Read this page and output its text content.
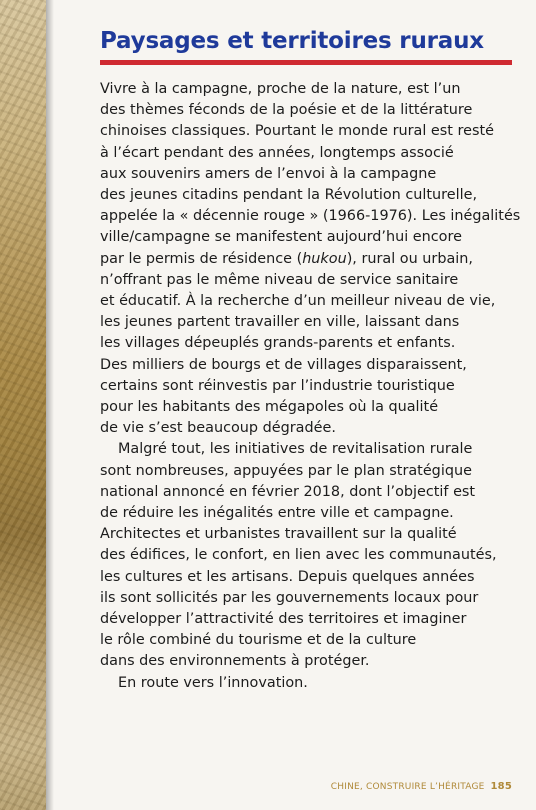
Paysages et territoires ruraux

Vivre à la campagne, proche de la nature, est l’un
des thèmes féconds de la poésie et de la littérature
chinoises classiques. Pourtant le monde rural est resté
à l’écart pendant des années, longtemps associé
aux souvenirs amers de l’envoi à la campagne
des jeunes citadins pendant la Révolution culturelle,
appelée la « décennie rouge » (1966-1976). Les inégalités
ville/campagne se manifestent aujourd’hui encore
par le permis de résidence (hukou), rural ou urbain,
n’offrant pas le même niveau de service sanitaire
et éducatif. À la recherche d’un meilleur niveau de vie,
les jeunes partent travailler en ville, laissant dans
les villages dépeuplés grands-parents et enfants.
Des milliers de bourgs et de villages disparaissent,
certains sont réinvestis par l’industrie touristique
pour les habitants des mégapoles où la qualité
de vie s’est beaucoup dégradée.

Malgré tout, les initiatives de revitalisation rurale
sont nombreuses, appuyées par le plan stratégique
national annoncé en février 2018, dont l’objectif est
de réduire les inégalités entre ville et campagne.
Architectes et urbanistes travaillent sur la qualité
des édifices, le confort, en lien avec les communautés,
les cultures et les artisans. Depuis quelques années
ils sont sollicités par les gouvernements locaux pour
développer l’attractivité des territoires et imaginer
le rôle combiné du tourisme et de la culture
dans des environnements à protéger.

En route vers l’innovation.

CHINE, CONSTRUIRE L’HÉRITAGE 185
